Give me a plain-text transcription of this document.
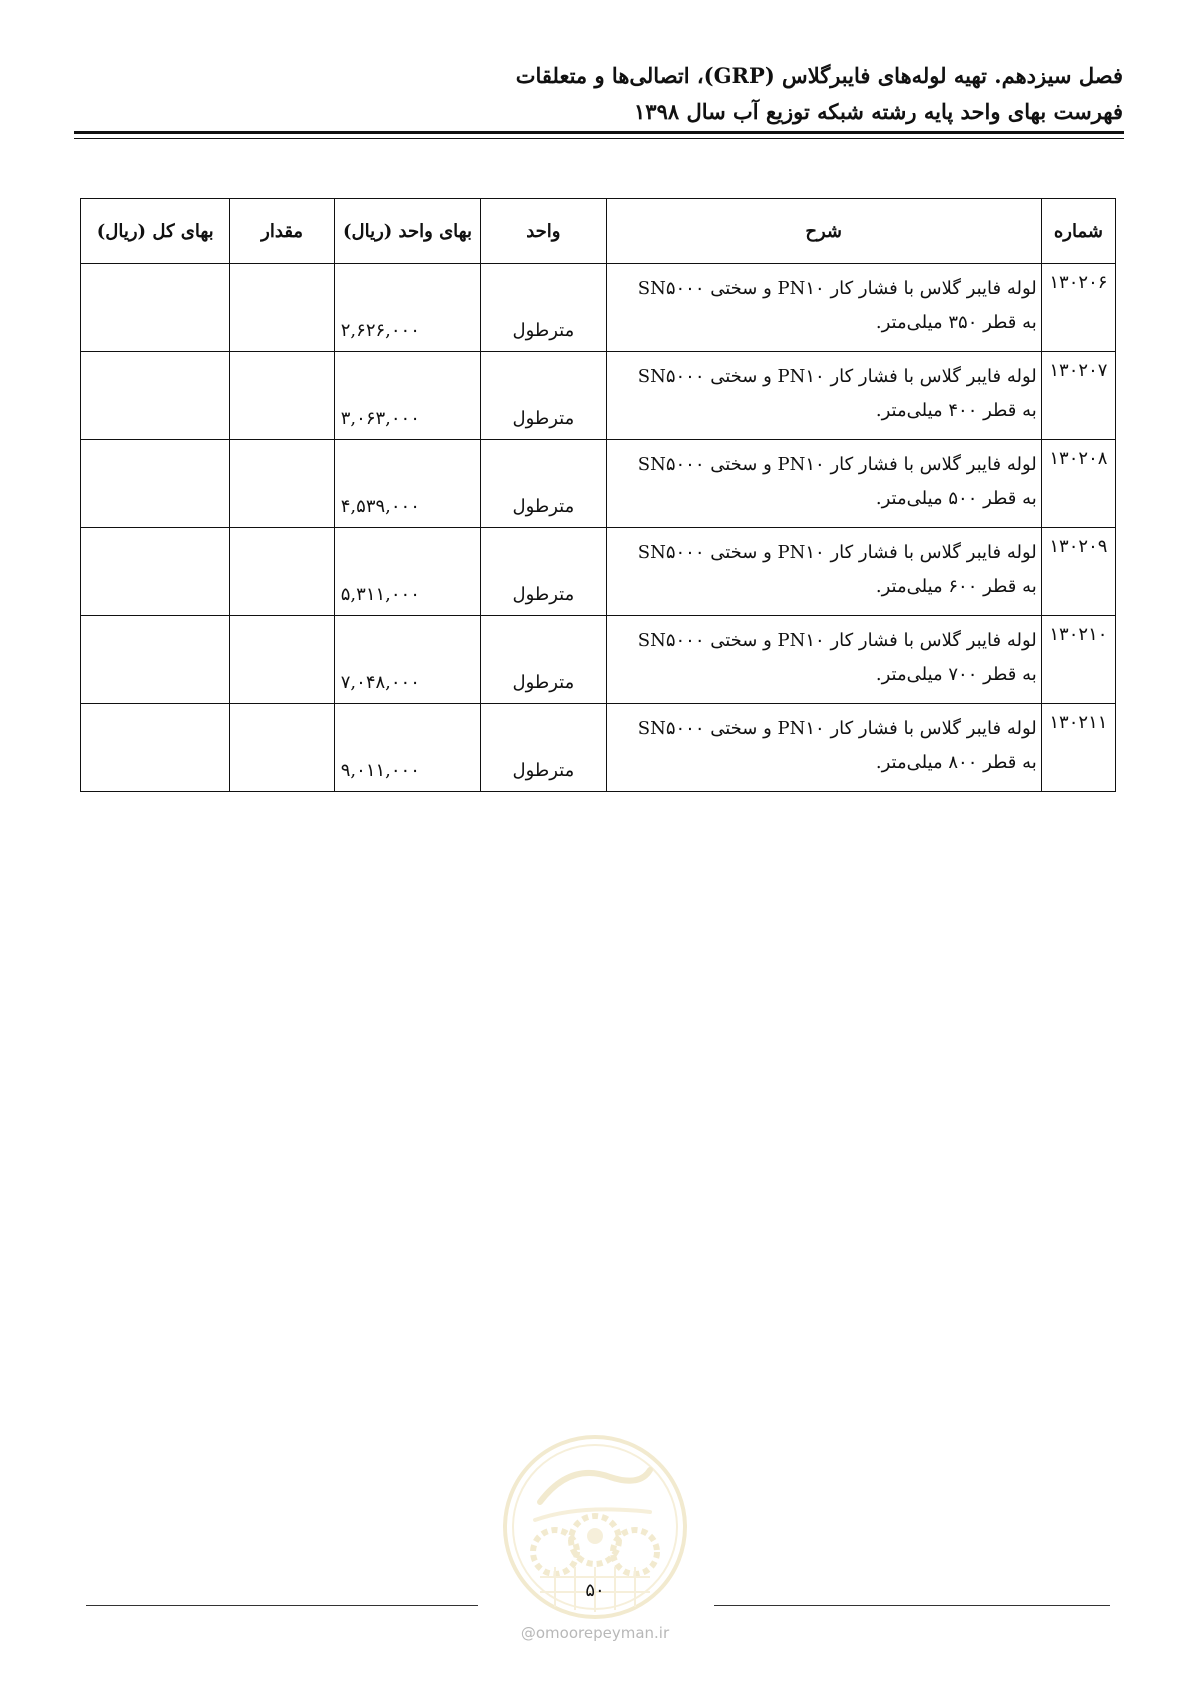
فصل سیزدهم. تهیه لوله‌های فایبرگلاس (GRP)، اتصالی‌ها و متعلقات
فهرست بهای واحد پایه رشته شبکه توزیع آب سال ۱۳۹۸
شماره	شرح	واحد	بهای واحد (ریال)	مقدار	بهای کل (ریال)
۱۳۰۲۰۶	لوله فایبر گلاس با فشار کار PN۱۰ و سختی SN۵۰۰۰
به قطر ۳۵۰ میلی‌متر.	مترطول	۲,۶۲۶,۰۰۰		
۱۳۰۲۰۷	لوله فایبر گلاس با فشار کار PN۱۰ و سختی SN۵۰۰۰
به قطر ۴۰۰ میلی‌متر.	مترطول	۳,۰۶۳,۰۰۰		
۱۳۰۲۰۸	لوله فایبر گلاس با فشار کار PN۱۰ و سختی SN۵۰۰۰
به قطر ۵۰۰ میلی‌متر.	مترطول	۴,۵۳۹,۰۰۰		
۱۳۰۲۰۹	لوله فایبر گلاس با فشار کار PN۱۰ و سختی SN۵۰۰۰
به قطر ۶۰۰ میلی‌متر.	مترطول	۵,۳۱۱,۰۰۰		
۱۳۰۲۱۰	لوله فایبر گلاس با فشار کار PN۱۰ و سختی SN۵۰۰۰
به قطر ۷۰۰ میلی‌متر.	مترطول	۷,۰۴۸,۰۰۰		
۱۳۰۲۱۱	لوله فایبر گلاس با فشار کار PN۱۰ و سختی SN۵۰۰۰
به قطر ۸۰۰ میلی‌متر.	مترطول	۹,۰۱۱,۰۰۰		
۵۰
@omoorepeyman.ir
